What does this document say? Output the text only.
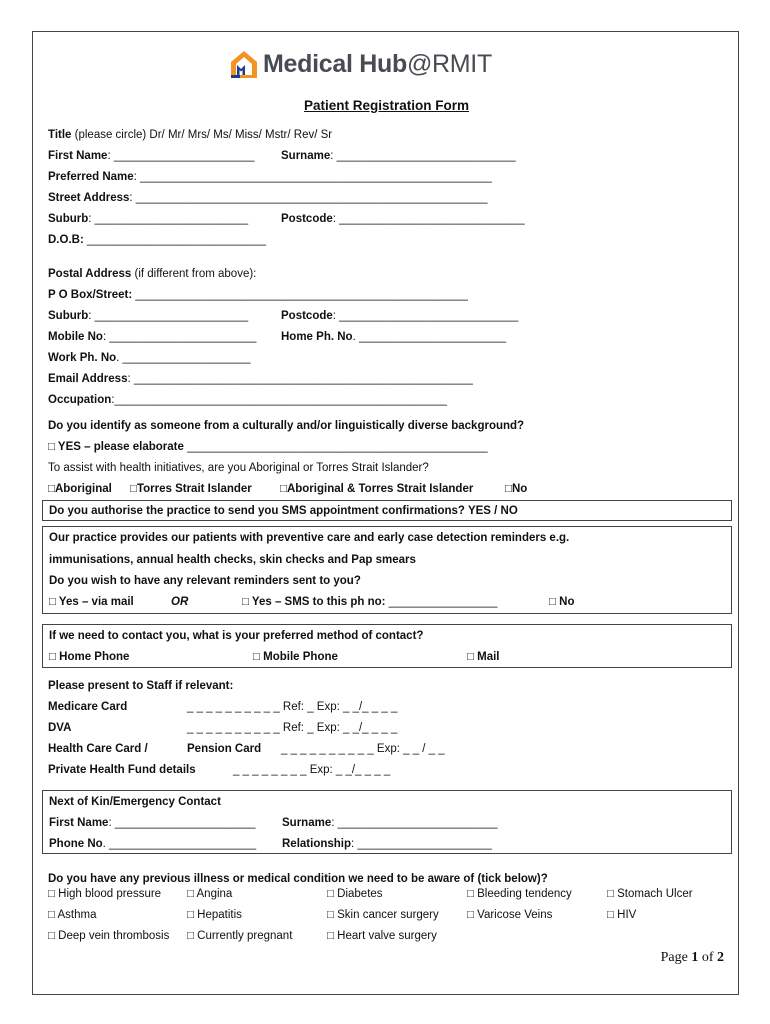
Medical Hub@RMIT
Patient Registration Form
Title (please circle) Dr/ Mr/ Mrs/ Ms/ Miss/ Mstr/ Rev/ Sr
First Name: ______________________ Surname: ____________________________
Preferred Name: _______________________________________________________
Street Address: _______________________________________________________
Suburb: ________________________	Postcode: _____________________________
D.O.B: ____________________________
Postal Address (if different from above):
P O Box/Street: ____________________________________________________
Suburb: ________________________	Postcode: ____________________________
Mobile No: _______________________ Home Ph. No. _______________________
Work Ph. No. ____________________
Email Address: _____________________________________________________
Occupation:____________________________________________________
Do you identify as someone from a culturally and/or linguistically diverse background?
□ YES – please elaborate _______________________________________________
To assist with health initiatives, are you Aboriginal or Torres Strait Islander?
□Aboriginal □Torres Strait Islander □Aboriginal & Torres Strait Islander	□No
Do you authorise the practice to send you SMS appointment confirmations? YES / NO
Our practice provides our patients with preventive care and early case detection reminders e.g.
immunisations, annual health checks, skin checks and Pap smears
Do you wish to have any relevant reminders sent to you?
□ Yes – via mail	OR	□ Yes – SMS to this ph no: _________________	□ No
If we need to contact you, what is your preferred method of contact?
□ Home Phone	□ Mobile Phone	□ Mail
Please present to Staff if relevant:
Medicare Card	_ _ _ _ _ _ _ _ _ _ Ref: _ Exp: _ _/_ _ _ _
DVA	_ _ _ _ _ _ _ _ _ _ Ref: _ Exp: _ _/_ _ _ _
Health Care Card /	Pension Card _ _ _ _ _ _ _ _ _ _ Exp: _ _ / _ _
Private Health Fund details	_ _ _ _ _ _ _ _ Exp: _ _/_ _ _ _
Next of Kin/Emergency Contact
First Name: ______________________ Surname: _________________________
Phone No. _______________________ Relationship: _____________________
Do you have any previous illness or medical condition we need to be aware of (tick below)?
□ High blood pressure □ Angina	□ Diabetes	□ Bleeding tendency	□ Stomach Ulcer
□ Asthma	□ Hepatitis	□ Skin cancer surgery □ Varicose Veins	□ HIV
□ Deep vein thrombosis □ Currently pregnant	□ Heart valve surgery
Page 1 of 2
